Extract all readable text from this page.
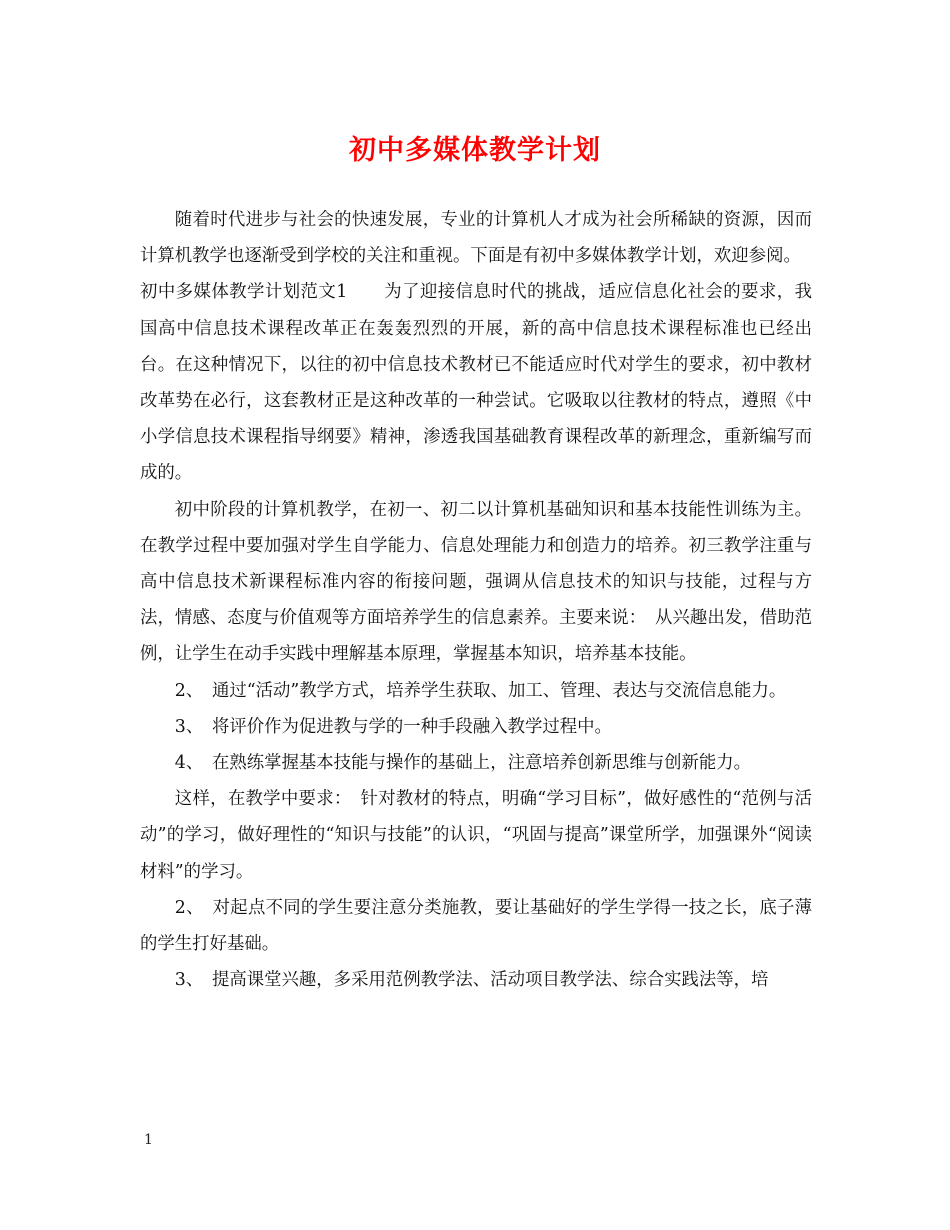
初中多媒体教学计划

随着时代进步与社会的快速发展，专业的计算机人才成为社会所稀缺的资源，因而计算机教学也逐渐受到学校的关注和重视。下面是有初中多媒体教学计划，欢迎参阅。

初中多媒体教学计划范文1 为了迎接信息时代的挑战，适应信息化社会的要求，我国高中信息技术课程改革正在轰轰烈烈的开展，新的高中信息技术课程标准也已经出台。在这种情况下，以往的初中信息技术教材已不能适应时代对学生的要求，初中教材改革势在必行，这套教材正是这种改革的一种尝试。它吸取以往教材的特点，遵照《中小学信息技术课程指导纲要》精神，渗透我国基础教育课程改革的新理念，重新编写而成的。

初中阶段的计算机教学，在初一、初二以计算机基础知识和基本技能性训练为主。在教学过程中要加强对学生自学能力、信息处理能力和创造力的培养。初三教学注重与高中信息技术新课程标准内容的衔接问题，强调从信息技术的知识与技能，过程与方法，情感、态度与价值观等方面培养学生的信息素养。主要来说：　从兴趣出发，借助范例，让学生在动手实践中理解基本原理，掌握基本知识，培养基本技能。

2、　通过“活动”教学方式，培养学生获取、加工、管理、表达与交流信息能力。

3、　将评价作为促进教与学的一种手段融入教学过程中。

4、　在熟练掌握基本技能与操作的基础上，注意培养创新思维与创新能力。

这样，在教学中要求：　针对教材的特点，明确“学习目标”，做好感性的“范例与活动”的学习，做好理性的“知识与技能”的认识，“巩固与提高”课堂所学，加强课外“阅读材料”的学习。

2、　对起点不同的学生要注意分类施教，要让基础好的学生学得一技之长，底子薄的学生打好基础。

3、　提高课堂兴趣，多采用范例教学法、活动项目教学法、综合实践法等，培

1
